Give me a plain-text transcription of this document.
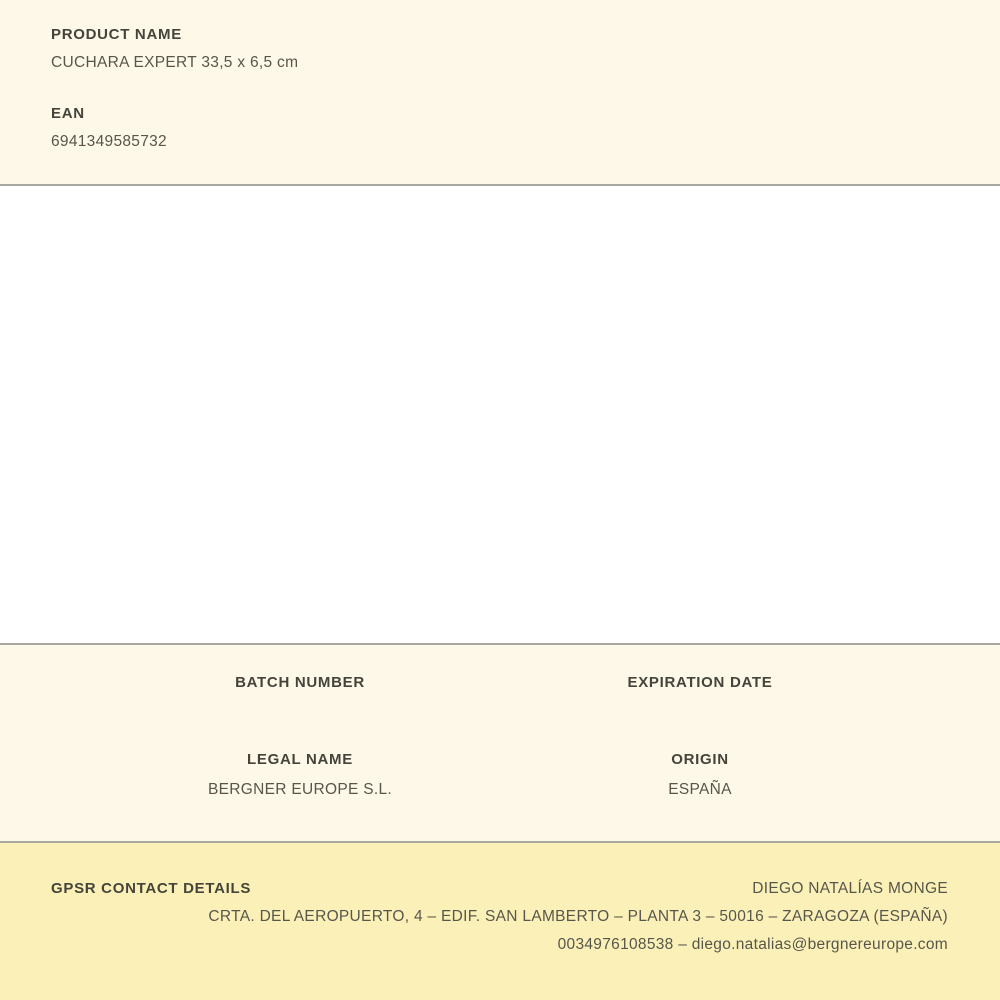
PRODUCT NAME
CUCHARA EXPERT 33,5 x 6,5 cm
EAN
6941349585732
BATCH NUMBER	EXPIRATION DATE
LEGAL NAME
BERGNER EUROPE S.L.
ORIGIN
ESPAÑA
GPSR CONTACT DETAILS	DIEGO NATALÍAS MONGE
CRTA. DEL AEROPUERTO, 4 – EDIF. SAN LAMBERTO – PLANTA 3 – 50016 – ZARAGOZA (ESPAÑA)
0034976108538 – diego.natalias@bergnereurope.com
